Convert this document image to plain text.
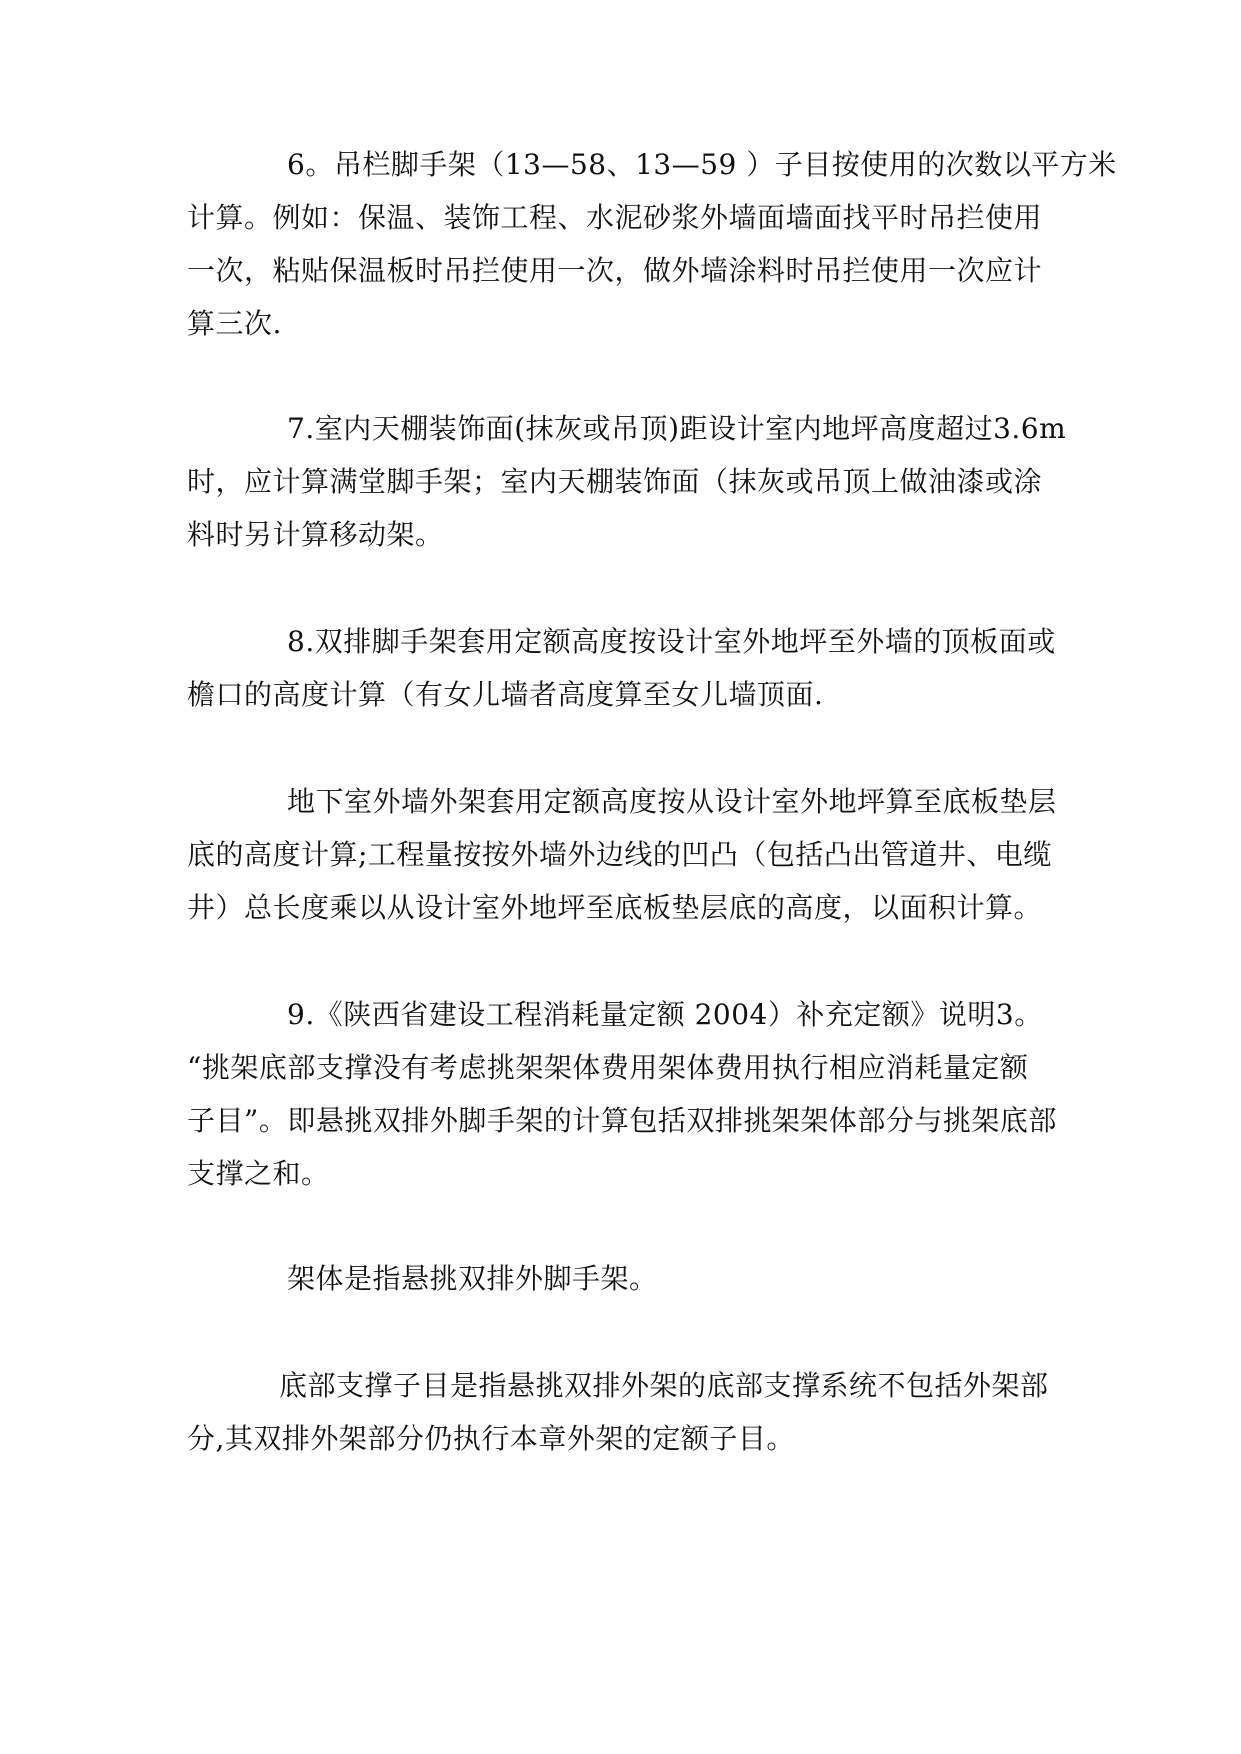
6。吊栏脚手架（13—58、13—59 ）子目按使用的次数以平方米
计算。例如：保温、装饰工程、水泥砂浆外墙面墙面找平时吊拦使用
一次，粘贴保温板时吊拦使用一次，做外墙涂料时吊拦使用一次应计
算三次.
7.室内天棚装饰面(抹灰或吊顶)距设计室内地坪高度超过3.6m
时，应计算满堂脚手架；室内天棚装饰面（抹灰或吊顶上做油漆或涂
料时另计算移动架。
8.双排脚手架套用定额高度按设计室外地坪至外墙的顶板面或
檐口的高度计算（有女儿墙者高度算至女儿墙顶面.
地下室外墙外架套用定额高度按从设计室外地坪算至底板垫层
底的高度计算;工程量按按外墙外边线的凹凸（包括凸出管道井、电缆
井）总长度乘以从设计室外地坪至底板垫层底的高度，以面积计算。
9.《陕西省建设工程消耗量定额 2004）补充定额》说明3。
“挑架底部支撑没有考虑挑架架体费用架体费用执行相应消耗量定额
子目”。即悬挑双排外脚手架的计算包括双排挑架架体部分与挑架底部
支撑之和。
架体是指悬挑双排外脚手架。
底部支撑子目是指悬挑双排外架的底部支撑系统不包括外架部
分,其双排外架部分仍执行本章外架的定额子目。
